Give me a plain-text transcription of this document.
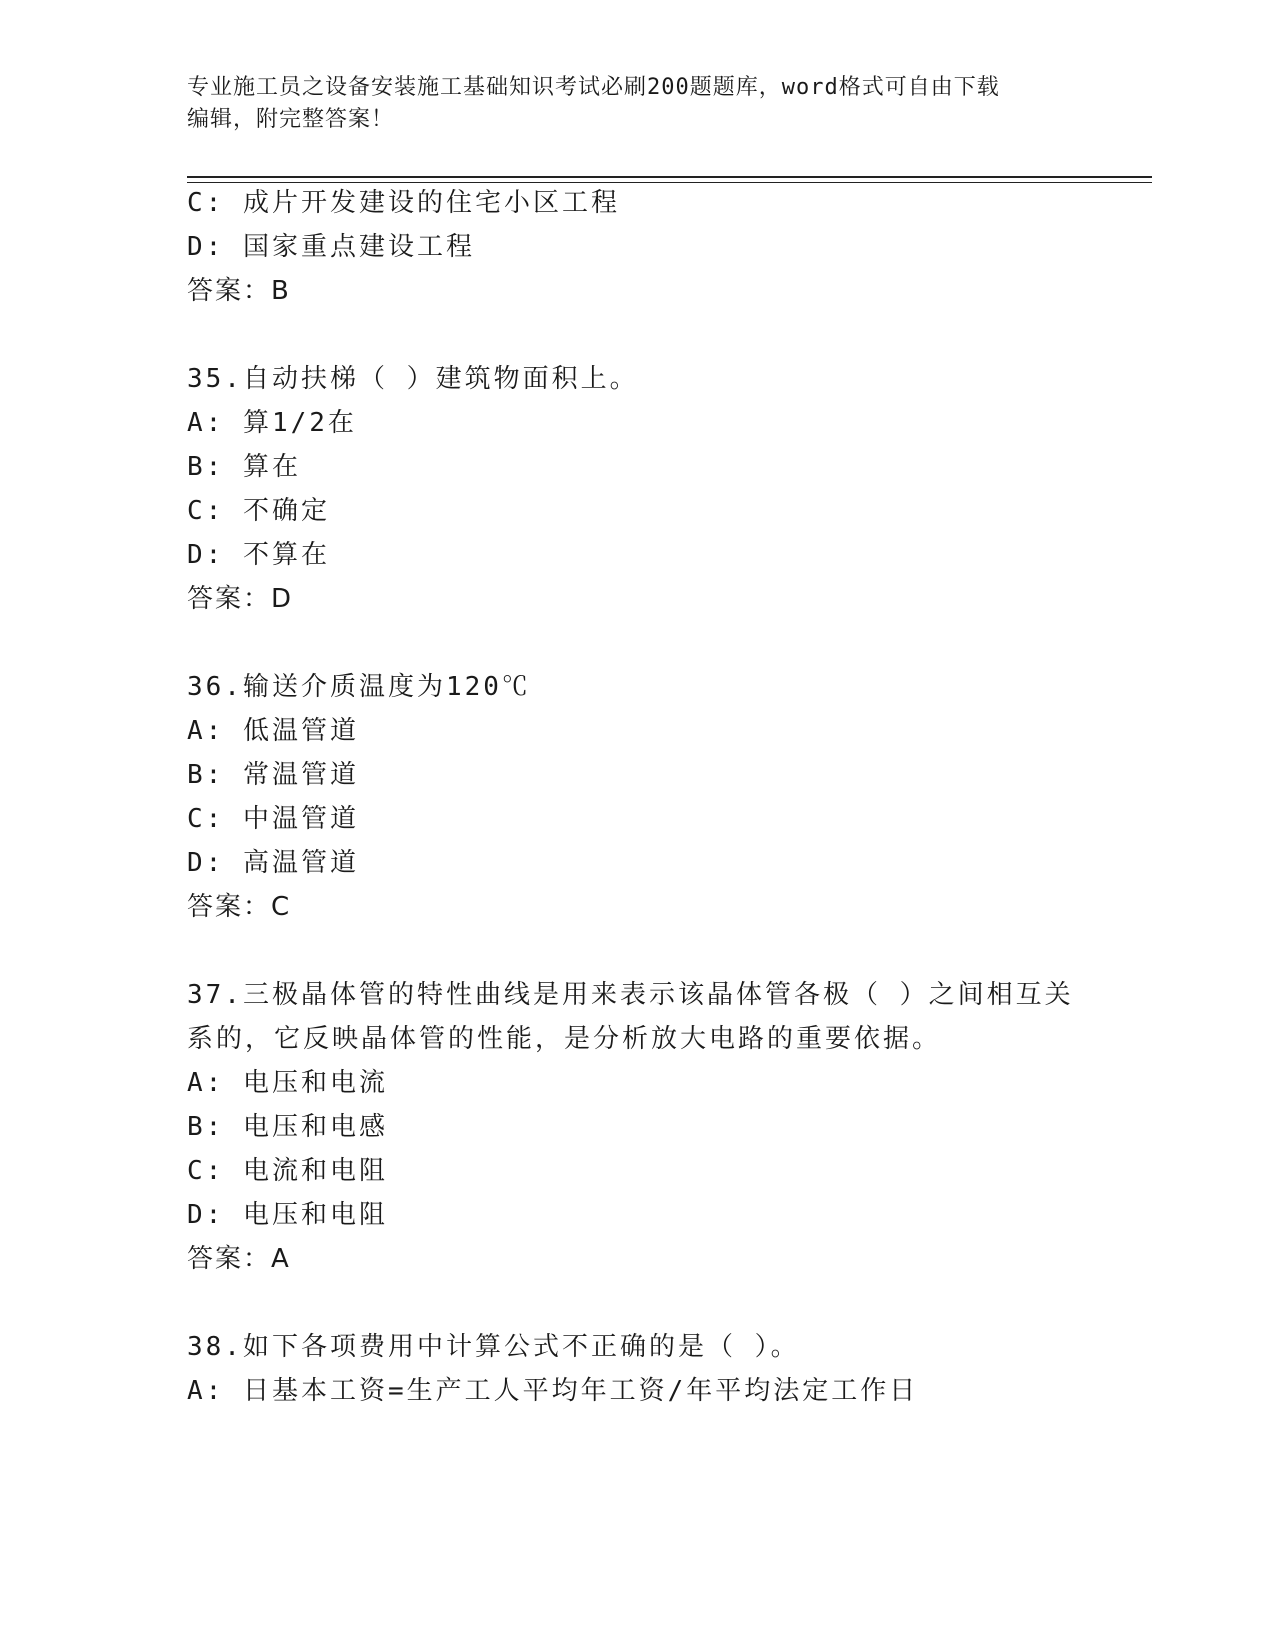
专业施工员之设备安装施工基础知识考试必刷200题题库，word格式可自由下载
编辑，附完整答案！
C: 成片开发建设的住宅小区工程
D: 国家重点建设工程
答案：B
35.自动扶梯（ ）建筑物面积上。
A: 算1/2在
B: 算在
C: 不确定
D: 不算在
答案：D
36.输送介质温度为120℃
A: 低温管道
B: 常温管道
C: 中温管道
D: 高温管道
答案：C
37.三极晶体管的特性曲线是用来表示该晶体管各极（ ）之间相互关
系的，它反映晶体管的性能，是分析放大电路的重要依据。
A: 电压和电流
B: 电压和电感
C: 电流和电阻
D: 电压和电阻
答案：A
38.如下各项费用中计算公式不正确的是（ ）。
A: 日基本工资=生产工人平均年工资/年平均法定工作日
